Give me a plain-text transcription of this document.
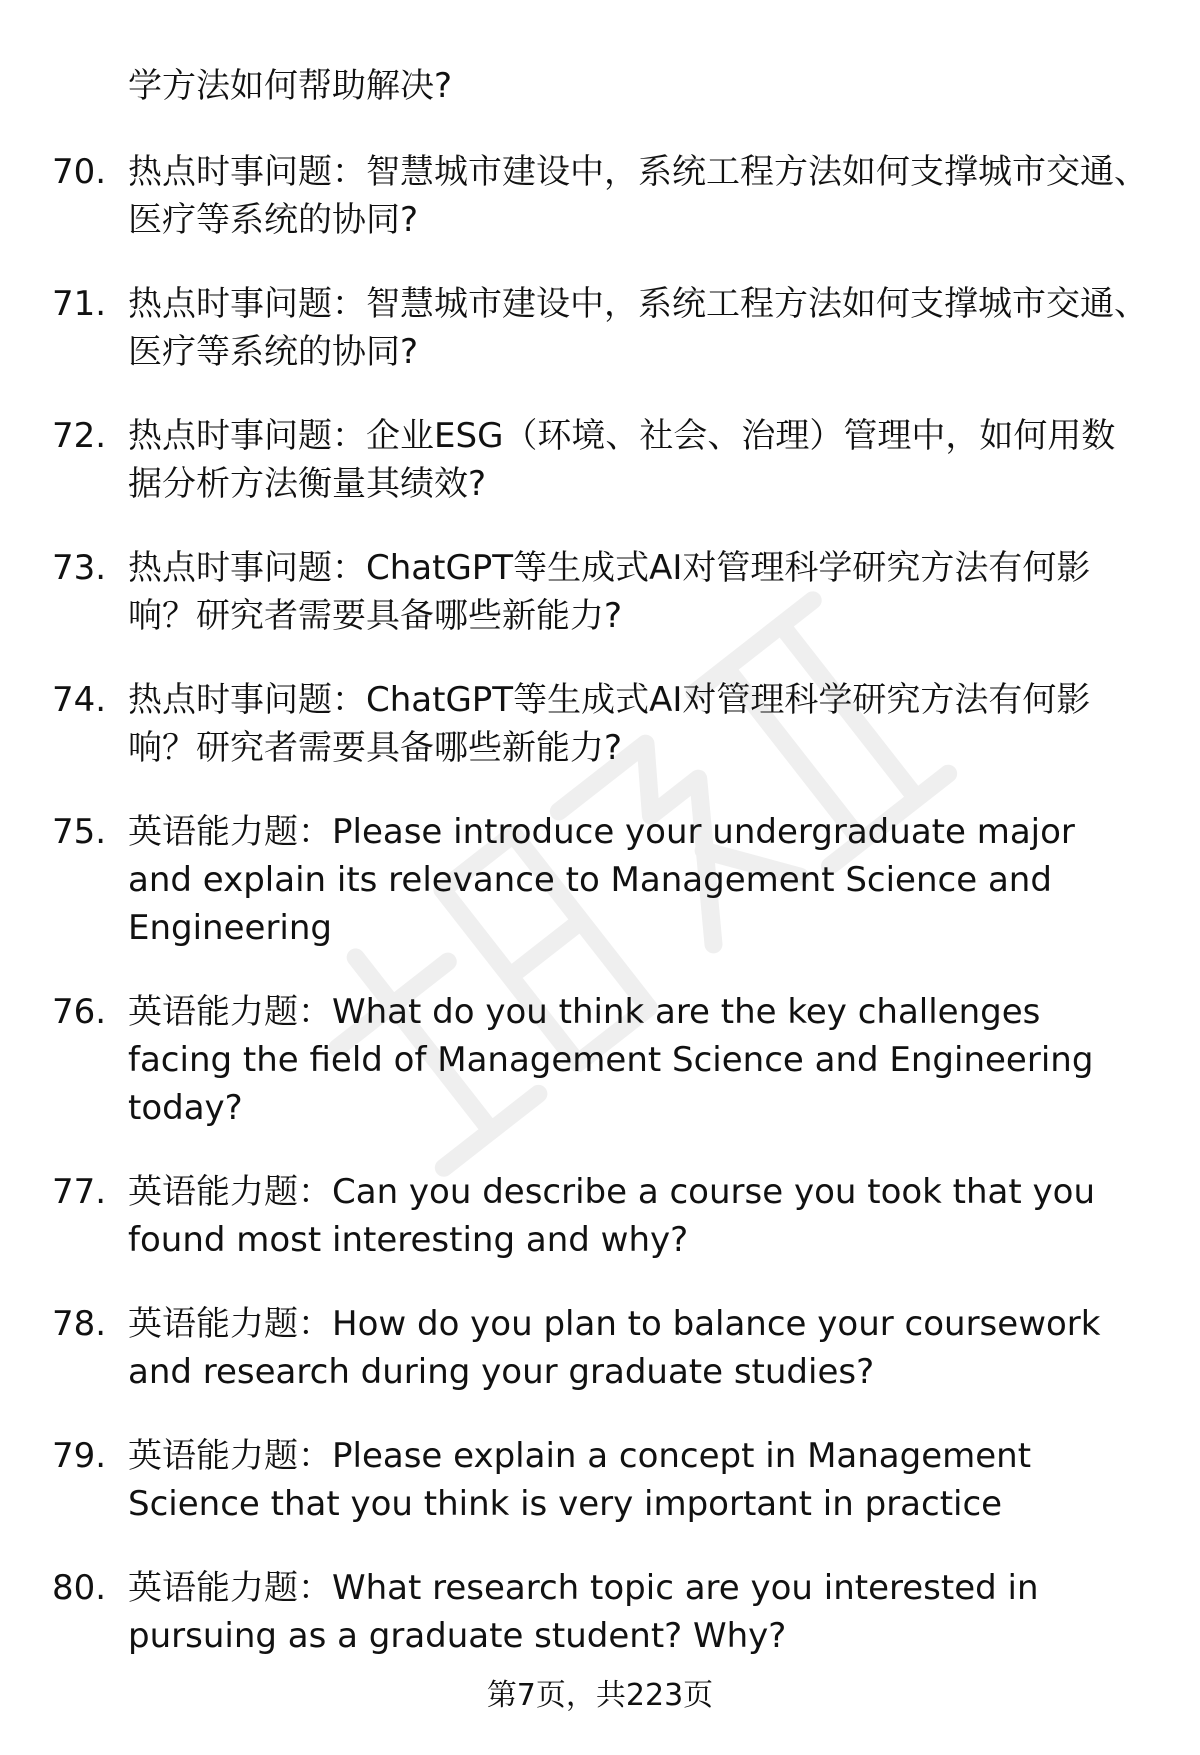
学方法如何帮助解决?

70. 热点时事问题：智慧城市建设中，系统工程方法如何支撑城市交通、医疗等系统的协同?
71. 热点时事问题：智慧城市建设中，系统工程方法如何支撑城市交通、医疗等系统的协同?
72. 热点时事问题：企业ESG（环境、社会、治理）管理中，如何用数据分析方法衡量其绩效?
73. 热点时事问题：ChatGPT等生成式AI对管理科学研究方法有何影响？研究者需要具备哪些新能力?
74. 热点时事问题：ChatGPT等生成式AI对管理科学研究方法有何影响？研究者需要具备哪些新能力?
75. 英语能力题：Please introduce your undergraduate major and explain its relevance to Management Science and Engineering
76. 英语能力题：What do you think are the key challenges facing the field of Management Science and Engineering today?
77. 英语能力题：Can you describe a course you took that you found most interesting and why?
78. 英语能力题：How do you plan to balance your coursework and research during your graduate studies?
79. 英语能力题：Please explain a concept in Management Science that you think is very important in practice
80. 英语能力题：What research topic are you interested in pursuing as a graduate student? Why?
第7页，共223页
